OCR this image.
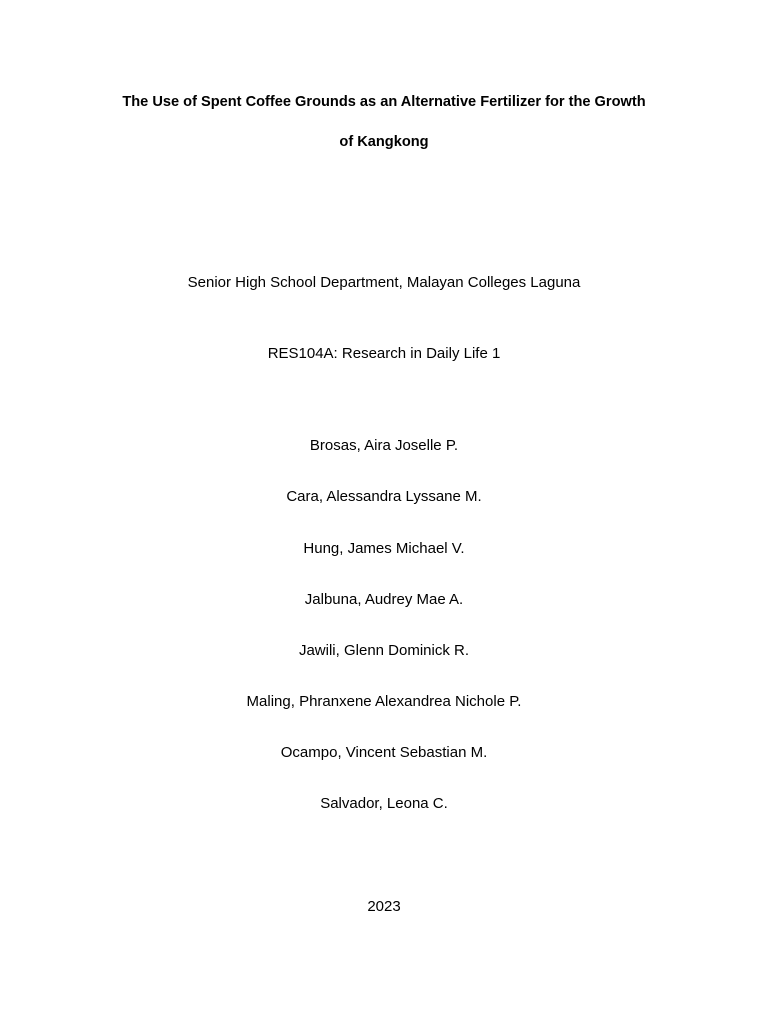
The Use of Spent Coffee Grounds as an Alternative Fertilizer for the Growth
of Kangkong
Senior High School Department, Malayan Colleges Laguna
RES104A: Research in Daily Life 1
Brosas, Aira Joselle P.
Cara, Alessandra Lyssane M.
Hung, James Michael V.
Jalbuna, Audrey Mae A.
Jawili, Glenn Dominick R.
Maling, Phranxene Alexandrea Nichole P.
Ocampo, Vincent Sebastian M.
Salvador, Leona C.
2023
